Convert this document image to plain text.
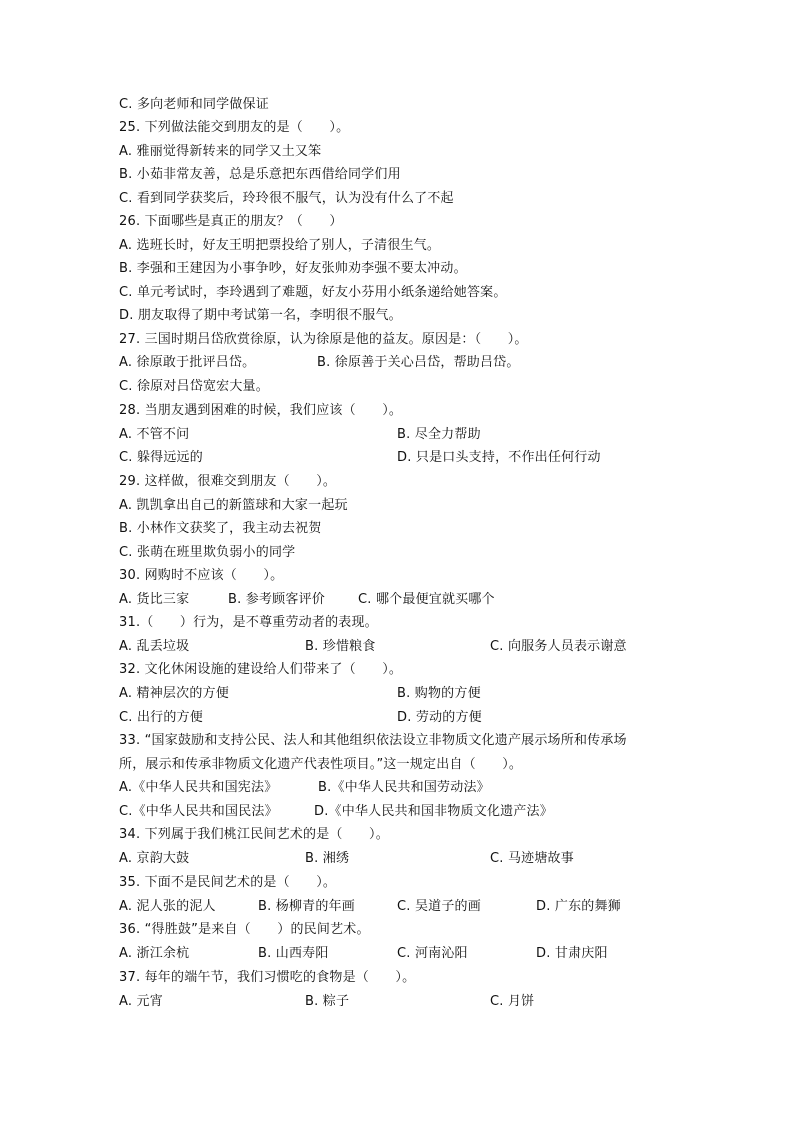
C. 多向老师和同学做保证
25. 下列做法能交到朋友的是（　　）。
A. 雅丽觉得新转来的同学又土又笨
B. 小茹非常友善，总是乐意把东西借给同学们用
C. 看到同学获奖后，玲玲很不服气，认为没有什么了不起
26. 下面哪些是真正的朋友？（　　）
A. 选班长时，好友王明把票投给了别人，子清很生气。
B. 李强和王建因为小事争吵，好友张帅劝李强不要太冲动。
C. 单元考试时，李玲遇到了难题，好友小芬用小纸条递给她答案。
D. 朋友取得了期中考试第一名，李明很不服气。
27. 三国时期吕岱欣赏徐原，认为徐原是他的益友。原因是：（　　）。
A. 徐原敢于批评吕岱。	B. 徐原善于关心吕岱，帮助吕岱。
C. 徐原对吕岱宽宏大量。
28. 当朋友遇到困难的时候，我们应该（　　）。
A. 不管不问	B. 尽全力帮助
C. 躲得远远的	D. 只是口头支持，不作出任何行动
29. 这样做，很难交到朋友（　　）。
A. 凯凯拿出自己的新篮球和大家一起玩
B. 小林作文获奖了，我主动去祝贺
C. 张萌在班里欺负弱小的同学
30. 网购时不应该（　　）。
A. 货比三家	B. 参考顾客评价	C. 哪个最便宜就买哪个
31.（　　）行为，是不尊重劳动者的表现。
A. 乱丢垃圾	B. 珍惜粮食	C. 向服务人员表示谢意
32. 文化休闲设施的建设给人们带来了（　　）。
A. 精神层次的方便	B. 购物的方便
C. 出行的方便	D. 劳动的方便
33. “国家鼓励和支持公民、法人和其他组织依法设立非物质文化遗产展示场所和传承场
所，展示和传承非物质文化遗产代表性项目。”这一规定出自（　　）。
A.《中华人民共和国宪法》	B.《中华人民共和国劳动法》
C.《中华人民共和国民法》	D.《中华人民共和国非物质文化遗产法》
34. 下列属于我们桃江民间艺术的是（　　）。
A. 京韵大鼓	B. 湘绣	C. 马迹塘故事
35. 下面不是民间艺术的是（　　）。
A. 泥人张的泥人	B. 杨柳青的年画	C. 吴道子的画	D. 广东的舞狮
36. “得胜鼓”是来自（　　）的民间艺术。
A. 浙江余杭	B. 山西寿阳	C. 河南沁阳	D. 甘肃庆阳
37. 每年的端午节，我们习惯吃的食物是（　　）。
A. 元宵	B. 粽子	C. 月饼
